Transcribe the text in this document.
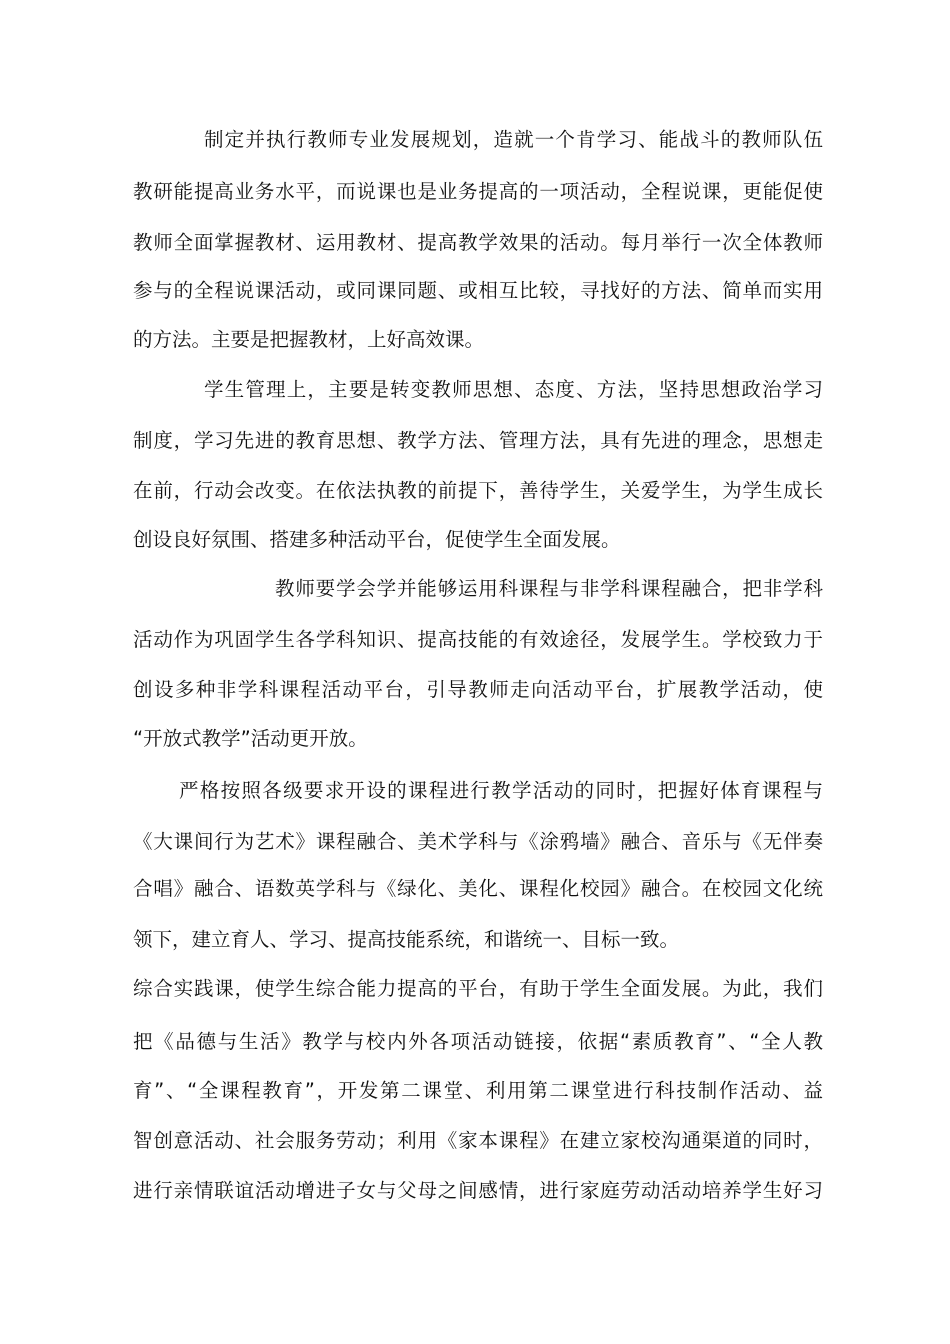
制定并执行教师专业发展规划，造就一个肯学习、能战斗的教师队伍
教研能提高业务水平，而说课也是业务提高的一项活动，全程说课，更能促使
教师全面掌握教材、运用教材、提高教学效果的活动。每月举行一次全体教师
参与的全程说课活动，或同课同题、或相互比较，寻找好的方法、简单而实用
的方法。主要是把握教材，上好高效课。
学生管理上，主要是转变教师思想、态度、方法，坚持思想政治学习
制度，学习先进的教育思想、教学方法、管理方法，具有先进的理念，思想走
在前，行动会改变。在依法执教的前提下，善待学生，关爱学生，为学生成长
创设良好氛围、搭建多种活动平台，促使学生全面发展。
教师要学会学并能够运用科课程与非学科课程融合，把非学科
活动作为巩固学生各学科知识、提高技能的有效途径，发展学生。学校致力于
创设多种非学科课程活动平台，引导教师走向活动平台，扩展教学活动，使
“开放式教学”活动更开放。
严格按照各级要求开设的课程进行教学活动的同时，把握好体育课程与
《大课间行为艺术》课程融合、美术学科与《涂鸦墙》融合、音乐与《无伴奏
合唱》融合、语数英学科与《绿化、美化、课程化校园》融合。在校园文化统
领下，建立育人、学习、提高技能系统，和谐统一、目标一致。
综合实践课，使学生综合能力提高的平台，有助于学生全面发展。为此，我们
把《品德与生活》教学与校内外各项活动链接，依据“素质教育”、“全人教
育”、“全课程教育”，开发第二课堂、利用第二课堂进行科技制作活动、益
智创意活动、社会服务劳动；利用《家本课程》在建立家校沟通渠道的同时，
进行亲情联谊活动增进子女与父母之间感情，进行家庭劳动活动培养学生好习
